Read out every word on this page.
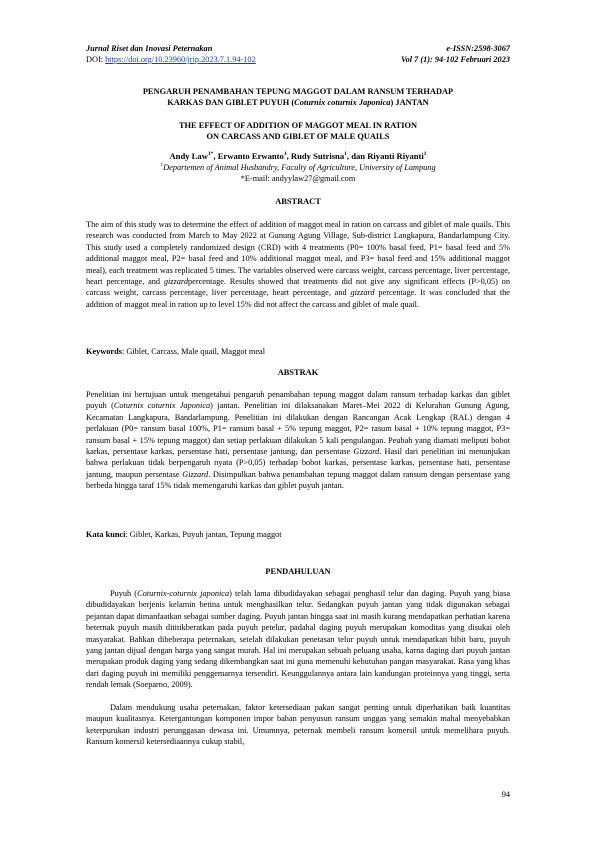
Jurnal Riset dan Inovasi Peternakan	e-ISSN:2598-3067
DOI: https://doi.org/10.23960/jrip.2023.7.1.94-102	Vol 7 (1): 94-102 Februari 2023
PENGARUH PENAMBAHAN TEPUNG MAGGOT DALAM RANSUM TERHADAP
KARKAS DAN GIBLET PUYUH (Coturnix coturnix Japonica) JANTAN
THE EFFECT OF ADDITION OF MAGGOT MEAL IN RATION
ON CARCASS AND GIBLET OF MALE QUAILS
Andy Law$^{1*}$, Erwanto Erwanto$^1$, Rudy Sutrisna$^1$, dan Riyanti Riyanti$^1$
$^1$Departemen of Animal Husbandry, Faculty of Agriculture, University of Lampung
*E-mail: andyylaw27@gmail.com
ABSTRACT
The aim of this study was to determine the effect of addition of maggot meal in ration on carcass and giblet of male quails. This research was conducted from March to May 2022 at Gunung Agung Village, Sub-district Langkapura, Bandarlampung City. This study used a completely randomized design (CRD) with 4 treatments (P0= 100% basal feed, P1= basal feed and 5% additional maggot meal, P2= basal feed and 10% additional maggot meal, and P3= basal feed and 15% additional maggot meal), each treatment was replicated 5 times. The variables observed were carcass weight, carcass percentage, liver percentage, heart percentage, and gizzardpercentage. Results showed that treatments did not give any significant effects (P>0,05) on carcass weight, carcass percentage, liver percentage, heart percentage, and gizzard percentage. It was concluded that the addition of maggot meal in ration up to level 15% did not affect the carcass and giblet of male quail.
Keywords: Giblet, Carcass, Male quail, Maggot meal
ABSTRAK
Penelitian ini bertujuan untuk mengetahui pengaruh penambahan tepung maggot dalam ransum terhadap karkas dan giblet puyuh (Coturnix coturnix Japonica) jantan. Penelitian ini dilaksanakan Maret–Mei 2022 di Kelurahan Gunung Agung, Kecamatan Langkapura, Bandarlampung. Penelitian ini dilakukan dengan Rancangan Acak Lengkap (RAL) dengan 4 perlakuan (P0= ransum basal 100%, P1= ransum basal + 5% tepung maggot, P2= rasum basal + 10% tepung maggot, P3= ransum basal + 15% tepung maggot) dan setiap perlakuan dilakukan 5 kali pengulangan. Peubah yang diamati meliputi bobot karkas, persentase karkas, persentase hati, persentase jantung, dan persentase Gizzard. Hasil dari penelitian ini menunjukan bahwa perlakuan tidak berpengaruh nyata (P>0,05) terhadap bobot karkas, persentase karkas, persentase hati, persentase jantung, maupun persentase Gizzard. Disimpulkan bahwa penambahan tepung maggot dalam ransum dengan persentase yang berbeda hingga taraf 15% tidak memengaruhi karkas dan giblet puyuh jantan.
Kata kunci: Giblet, Karkas, Puyuh jantan, Tepung maggot
PENDAHULUAN
Puyuh (Coturnix-coturnix japonica) telah lama dibudidayakan sebagai penghasil telur dan daging. Puyuh yang biasa dibudidayakan berjenis kelamin betina untuk menghasilkan telur. Sedangkan puyuh jantan yang tidak digunakan sebagai pejantan dapat dimanfaatkan sebagai sumber daging. Puyuh jantan hingga saat ini masih kurang mendapatkan perhatian karena beternak puyuh masih dititikberatkan pada puyuh petelur, padahal daging puyuh merupakan komoditas yang disukai oleh masyarakat. Bahkan dibeberapa peternakan, setelah dilakukan penetasan telur puyuh untuk mendapatkan bibit baru, puyuh yang jantan dijual dengan harga yang sangat murah. Hal ini merupakan sebuah peluang usaha, karna daging dari puyuh jantan merupakan produk daging yang sedang dikembangkan saat ini guna memenuhi kebutuhan pangan masyarakat. Rasa yang khas dari daging puyuh ini memiliki penggemarnya tersendiri. Keunggulannya antara lain kandungan proteinnya yang tinggi, serta rendah lemak (Soeparno, 2009).
Dalam mendukung usaha peternakan, faktor ketersediaan pakan sangat penting untuk diperhatikan baik kuantitas maupun kualitasnya. Ketergantungan komponen impor bahan penyusun ransum unggas yang semakin mahal menyebabkan keterpurukan industri perunggasan dewasa ini. Umumnya, peternak membeli ransum komersil untuk memelihara puyuh. Ransum komersil ketersediaannya cukup stabil,
94
